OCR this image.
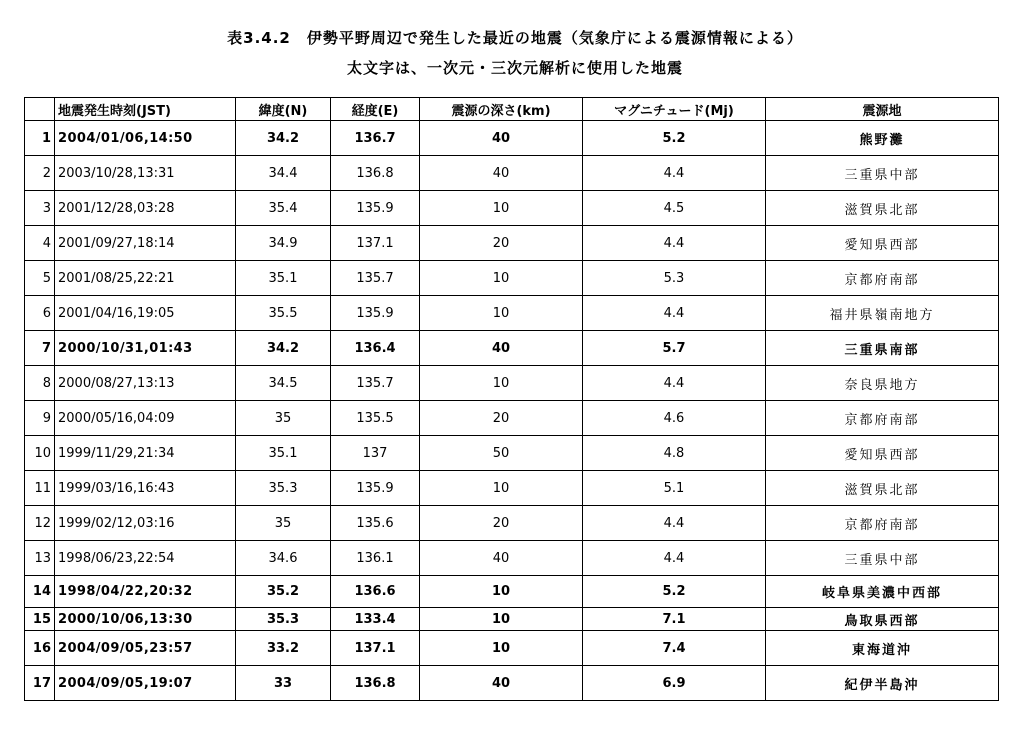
表3.4.2　伊勢平野周辺で発生した最近の地震（気象庁による震源情報による）
太文字は、一次元・三次元解析に使用した地震
	地震発生時刻(JST)	緯度(N)	経度(E)	震源の深さ(km)	マグニチュード(Mj)	震源地
1	2004/01/06,14:50	34.2	136.7	40	5.2	熊野灘
2	2003/10/28,13:31	34.4	136.8	40	4.4	三重県中部
3	2001/12/28,03:28	35.4	135.9	10	4.5	滋賀県北部
4	2001/09/27,18:14	34.9	137.1	20	4.4	愛知県西部
5	2001/08/25,22:21	35.1	135.7	10	5.3	京都府南部
6	2001/04/16,19:05	35.5	135.9	10	4.4	福井県嶺南地方
7	2000/10/31,01:43	34.2	136.4	40	5.7	三重県南部
8	2000/08/27,13:13	34.5	135.7	10	4.4	奈良県地方
9	2000/05/16,04:09	35	135.5	20	4.6	京都府南部
10	1999/11/29,21:34	35.1	137	50	4.8	愛知県西部
11	1999/03/16,16:43	35.3	135.9	10	5.1	滋賀県北部
12	1999/02/12,03:16	35	135.6	20	4.4	京都府南部
13	1998/06/23,22:54	34.6	136.1	40	4.4	三重県中部
14	1998/04/22,20:32	35.2	136.6	10	5.2	岐阜県美濃中西部
15	2000/10/06,13:30	35.3	133.4	10	7.1	鳥取県西部
16	2004/09/05,23:57	33.2	137.1	10	7.4	東海道沖
17	2004/09/05,19:07	33	136.8	40	6.9	紀伊半島沖
